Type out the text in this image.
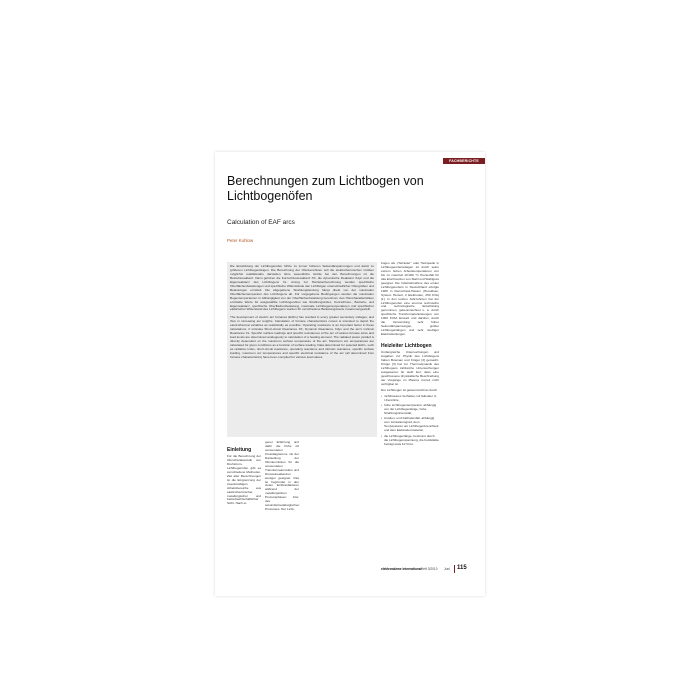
FACHBERICHTE
Berechnungen zum Lichtbogen von Lichtbogenöfen
Calculation of EAF arcs
Peter Kuhlow

Die Entwicklung der Lichtbogenöfen führte zu immer höheren Sekundärspannungen und damit zu größeren Lichtbogenlängen. Die Berechnung der Ofenkennlinien soll die elektrothermischen Größen möglichst realitätsnahe darstellen. Eine wesentliche Größe bei den Berechnungen ist die Betriebsreaktanz. Dazu gehören die Kurzschlussreaktanz XK, die dynamische Reaktanz Xdyn und die Eigenreaktanz des Lichtbogens XL. Anzug zur Heizleiterberechnung werden spezifische Oberflächenbelastungen und spezifische Widerstände den Lichtbögen unterschiedlicher Ofengrößen und Belastungen ermittelt. Die abgegebene Strahlungsleistung hängt direkt von der maximalen Oberflächentemperatur des Lichtbogens ab. Für vorgegebene Bedingungen werden die maximalen Bogentemperaturen in Abhängigkeit von der Oberflächenbelastung berechnet. Aus Ofencharakteristiken ermittelte Werte für ausgewählte Lichtbogenöfen wie Strahlungsindex, Kurzschluss-, Betriebs- und Eigenreaktanz, spezifische Oberflächenbelastung, maximale Lichtbogentemperaturen und spezifischer elektrischer Widerstand des Lichtbogens wurden für verschiedene Belastungswerte zusammengestellt.

The development of electric arc furnaces (EAFs) has resulted in every greater secondary voltages, and thus in increasing arc lengths. Calculation of furnace characteristics curves is intended to depict the electrothermal variables as realistically as possible. Operating reactance is an important factor in these calculations. It includes Short-circuit Reactance XK, Dynamic Reactance Xdyn and the arc's intrinsic Reactance XL. Specific surface loadings and specific resistances of the arc of various furnace sizes and load levels are determined analogously to calculation of a heating element. The radiated power yielded is directly dependent on the maximum surface temperature of the arc. Maximum arc temperatures are calculated for given conditions as a function of surface loading. Data determined for selected EAFs, such as radiation index, short-circuit reactance, operating reactance and intrinsic reactance, specific surface loading, maximum arc temperatures and specific electrical resistance of the arc (all determined from furnace characteristics) have been compiled for various load values.

bogen als „Heizleiter" oder Heizquelle in Lichtbogenofenanlagen ist durch seine extrem hohen Arbeitstemperaturen von bis zu maximal 10.000 °C Pionierfall für das Erschmelzen von Stahl und Stahlguss geeignet. Die Inbetriebnahme des ersten Lichtbogenofens in Deutschland erfolgte 1906 in Remscheid-Hasten (Heroldsen, System Héroult, 2 Elektroden, 250 KVA) [1]. In den letzten Jahrzehnten hat der Lichtbogenofen eine enorme technische und technologische Entwicklung genommen, gekennzeichnet u. a. durch spezifische Transformatorleistungen von 1000 KVA/t Einsatz und darüber, durch die Verwendung sehr hoher Sekundärspannungen, großer Lichtbogenlängen und sehr niedriger Elektrodenlungen.

Heizleiter Lichtbogen

Umfangreiche Untersuchungen und Angaben zur Physik des Lichtbogens haben Bowman und Krüger [2] gemacht. Krüger [3] hat zur Thermodynamik des Lichtbogens zahlreiche Untersuchungen ausgewertet. Er stellt fest, dass eine geschlossene physikalische Beschreibung der Vorgänge im Plasma zurzeit nicht verfügbar ist.

Der Lichtbogen ist gekennzeichnet durch

• nichtlineares Verhalten mit fallender U-I-Kennlinie,
• hohe Lichtbogentemperatur, abhängig von der Lichtbogenlänge, hohe Strahlungsintensität,
• Anoden- und Kathodenfall, abhängig vom Ionisationsgrad, dem Temperaturen am Lichtbogenbrennfleck und dem Elektrodenmaterial,
• die Lichtbogenlänge, bestimmt durch die Lichtbogenspannung, die Feldstärke beträgt etwa 10 V/cm.
Einleitung

Für die Berechnung der Ofencharakteristik von Drehstrom-Lichtbogenöfen gibt es verschiedene Methoden. Ziel aller Berechnungen ist die Eingrenzung der zweckmäßigen Arbeitsbereiche aus elektrothermischer, metallurgischer und betriebswirtschaftlicher Sicht. Nach ei-

gener Erfahrung und dafür die frühe oft verwendeten Kreisdiagramme mit der Darstellung der Ofenkennlinien für die verwendeten Transformatorstufen und Drosselreaktanzen weniger geeignet. Das ist begründet in den vielen Einflussfaktoren während der metallurgischen Prozessphasen bzw. des sekundärmetallurgischen Prozesses. Der Licht-

elektrowärme international Heft 3/2010 Juni 115
